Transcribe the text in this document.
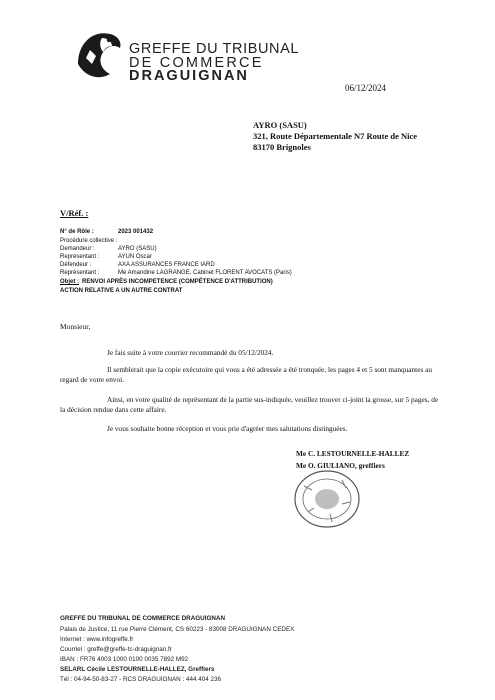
GREFFE DU TRIBUNAL
DE COMMERCE
DRAGUIGNAN
06/12/2024
AYRO (SASU)
321, Route Départementale N7 Route de Nice
83170 Brignoles
V/Réf. :
N° de Rôle :	2023 001432
Procédure collective :
Demandeur :	AYRO (SASU)
Représentant :	AYUN Oscar
Défendeur :	AXA ASSURANCES FRANCE IARD
Représentant :	Me Amandine LAGRANGE, Cabinet FLORENT AVOCATS (Paris)
Objet : RENVOI APRÈS INCOMPETENCE (COMPÉTENCE D'ATTRIBUTION)
ACTION RELATIVE A UN AUTRE CONTRAT
Monsieur,
Je fais suite à votre courrier recommandé du 05/12/2024.
Il semblerait que la copie exécutoire qui vous a été adressée a été tronquée, les pages 4 et 5 sont manquantes au regard de votre envoi.
Ainsi, en votre qualité de représentant de la partie sus-indiquée, veuillez trouver ci-joint la grosse, sur 5 pages, de la décision rendue dans cette affaire.
Je vous souhaite bonne réception et vous prie d'agréer mes salutations distinguées.
Me C. LESTOURNELLE-HALLEZ
Me O. GIULIANO, greffiers
GREFFE DU TRIBUNAL DE COMMERCE DRAGUIGNAN
Palais de Justice, 11 rue Pierre Clément, CS 60223 - 83008 DRAGUIGNAN CEDEX
Internet : www.infogreffe.fr
Courriel : greffe@greffe-tc-draguignan.fr
IBAN : FR76 4003 1000 0100 0035 7892 M92
SELARL Cécile LESTOURNELLE-HALLEZ, Greffiers
Tél : 04-94-50-83-27 - RCS DRAGUIGNAN : 444 404 236
